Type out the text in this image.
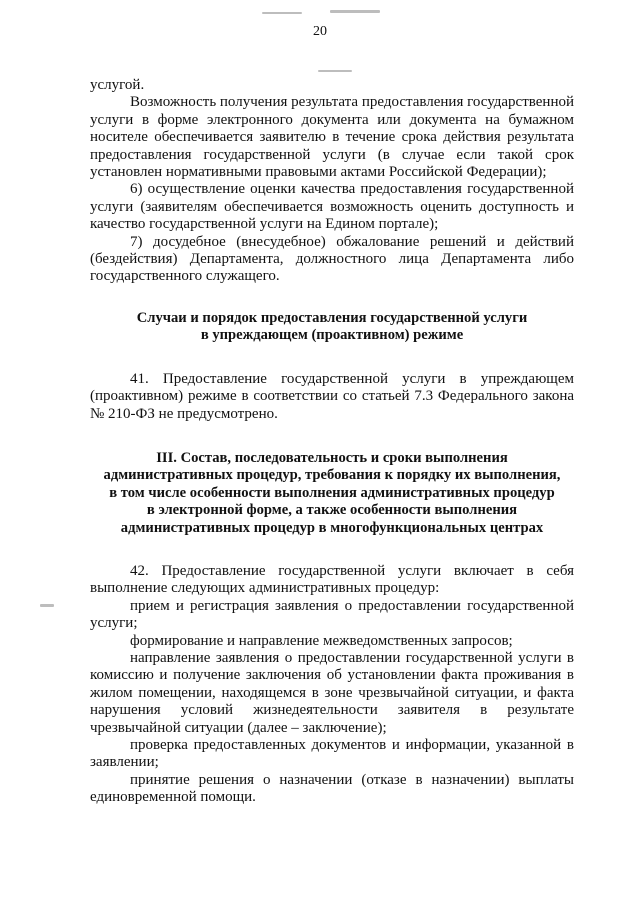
20

услугой.

Возможность получения результата предоставления государственной услуги в форме электронного документа или документа на бумажном носителе обеспечивается заявителю в течение срока действия результата предоставления государственной услуги (в случае если такой срок установлен нормативными правовыми актами Российской Федерации);

6) осуществление оценки качества предоставления государственной услуги (заявителям обеспечивается возможность оценить доступность и качество государственной услуги на Едином портале);

7) досудебное (внесудебное) обжалование решений и действий (бездействия) Департамента, должностного лица Департамента либо государственного служащего.

Случаи и порядок предоставления государственной услуги
в упреждающем (проактивном) режиме

41. Предоставление государственной услуги в упреждающем (проактивном) режиме в соответствии со статьей 7.3 Федерального закона № 210-ФЗ не предусмотрено.

III. Состав, последовательность и сроки выполнения
административных процедур, требования к порядку их выполнения,
в том числе особенности выполнения административных процедур
в электронной форме, а также особенности выполнения
административных процедур в многофункциональных центрах

42. Предоставление государственной услуги включает в себя выполнение следующих административных процедур:

прием и регистрация заявления о предоставлении государственной услуги;

формирование и направление межведомственных запросов;

направление заявления о предоставлении государственной услуги в комиссию и получение заключения об установлении факта проживания в жилом помещении, находящемся в зоне чрезвычайной ситуации, и факта нарушения условий жизнедеятельности заявителя в результате чрезвычайной ситуации (далее – заключение);

проверка предоставленных документов и информации, указанной в заявлении;

принятие решения о назначении (отказе в назначении) выплаты единовременной помощи.
